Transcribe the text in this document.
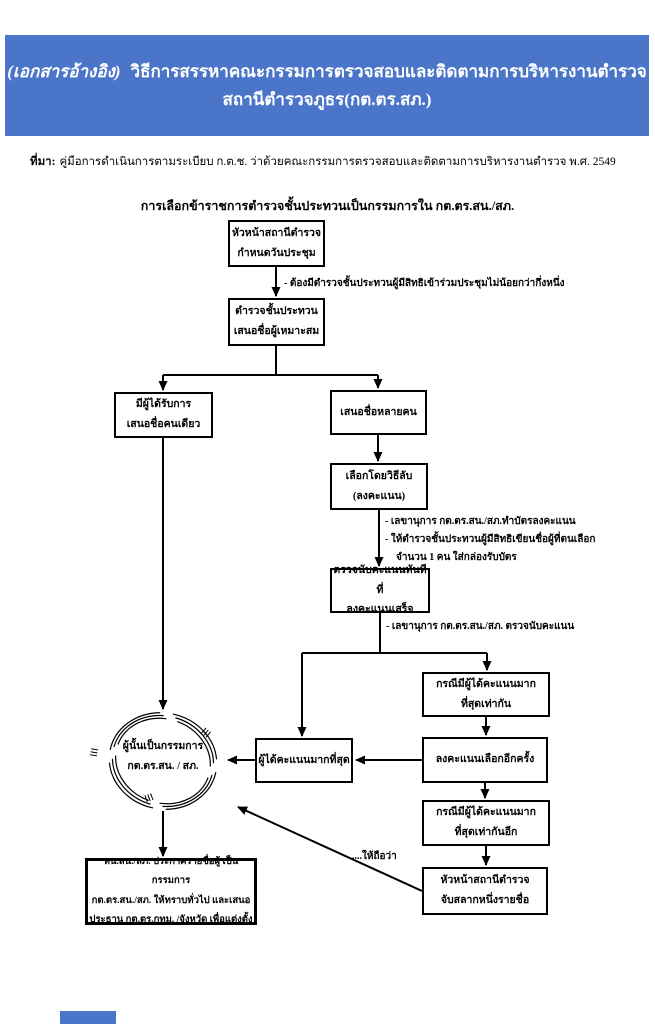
(เอกสารอ้างอิง) วิธีการสรรหาคณะกรรมการตรวจสอบและติดตามการบริหารงานตำรวจ
สถานีตำรวจภูธร(กต.ตร.สภ.)
ที่มา: คู่มือการดำเนินการตามระเบียบ ก.ต.ช. ว่าด้วยคณะกรรมการตรวจสอบและติดตามการบริหารงานตำรวจ พ.ศ. 2549
การเลือกข้าราชการตำรวจชั้นประทวนเป็นกรรมการใน กต.ตร.สน./สภ.
หัวหน้าสถานีตำรวจ
กำหนดวันประชุม
- ต้องมีตำรวจชั้นประทวนผู้มีสิทธิเข้าร่วมประชุมไม่น้อยกว่ากึ่งหนึ่ง
ตำรวจชั้นประทวน
เสนอชื่อผู้เหมาะสม
มีผู้ได้รับการ
เสนอชื่อคนเดียว
เสนอชื่อหลายคน
เลือกโดยวิธีลับ
(ลงคะแนน)
- เลขานุการ กต.ตร.สน./สภ.ทำบัตรลงคะแนน
- ให้ตำรวจชั้นประทวนผู้มีสิทธิเขียนชื่อผู้ที่ตนเลือก
จำนวน 1 คน ใส่กล่องรับบัตร
ตรวจนับคะแนนทันทีที่
ลงคะแนนเสร็จ
- เลขานุการ กต.ตร.สน./สภ. ตรวจนับคะแนน
กรณีมีผู้ได้คะแนนมาก
ที่สุดเท่ากัน
ผู้ได้คะแนนมากที่สุด	ลงคะแนนเลือกอีกครั้ง
กรณีมีผู้ได้คะแนนมาก
ที่สุดเท่ากันอีก
....ให้ถือว่า
หัวหน้าสถานีตำรวจ
จับสลากหนึ่งรายชื่อ
ผู้นั้นเป็นกรรมการ
กต.ตร.สน. / สภ.
หน.สน./สภ. ประกาศรายชื่อผู้ เป็นกรรมการ
กต.ตร.สน./สภ. ให้ทราบทั่วไป และเสนอ
ประธาน กต.ตร.กทม. /จังหวัด เพื่อแต่งตั้ง
